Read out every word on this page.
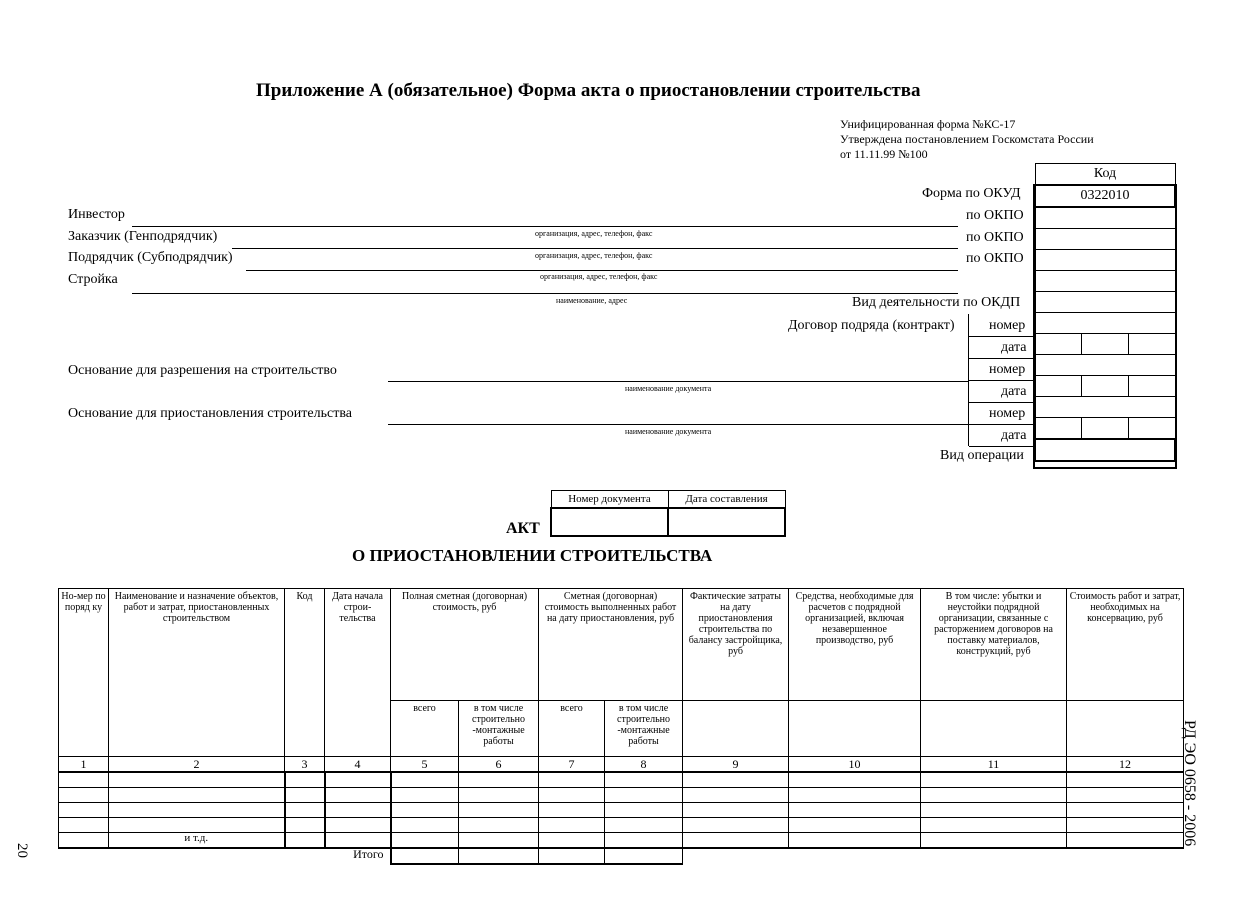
Приложение А (обязательное) Форма акта о приостановлении строительства
Унифицированная форма №КС-17
Утверждена постановлением Госкомстата России
от 11.11.99 №100
Код		
0322010		

Форма по ОКУД
по ОКПО
по ОКПО
по ОКПО
Вид деятельности по ОКДП
Договор подряда (контракт) номер
дата
номер
дата
номер
дата
Вид операции
Инвестор
организация, адрес, телефон, факс
Заказчик (Генподрядчик)
организация, адрес, телефон, факс
Подрядчик (Субподрядчик)
организация, адрес, телефон, факс
Стройка
наименование, адрес
Основание для разрешения на строительство
наименование документа
Основание для приостановления строительства
наименование документа
Номер документа	Дата составления

АКТ
О ПРИОСТАНОВЛЕНИИ СТРОИТЕЛЬСТВА
Но-мер по поряд ку	Наименование и назначение объектов, работ и затрат, приостановленных строительством	Код	Дата начала строи-тельства	Полная сметная (договорная) стоимость, руб		Сметная (договорная) стоимость выполненных работ на дату приостановления, руб		Фактические затраты на дату приостановления строительства по балансу застройщика, руб	Средства, необходимые для расчетов с подрядной организацией, включая незавершенное производство, руб	В том числе: убытки и неустойки подрядной организации, связанные с расторжением договоров на поставку материалов, конструкций, руб	Стоимость работ и затрат, необходимых на консервацию, руб
				всего	в том числе строительно -монтажные работы	всего	в том числе строительно -монтажные работы				
1	2	3	4	5	6	7	8	9	10	11	12

	и т.д.										
Итого											
РД ЭО 0658 - 2006
20
